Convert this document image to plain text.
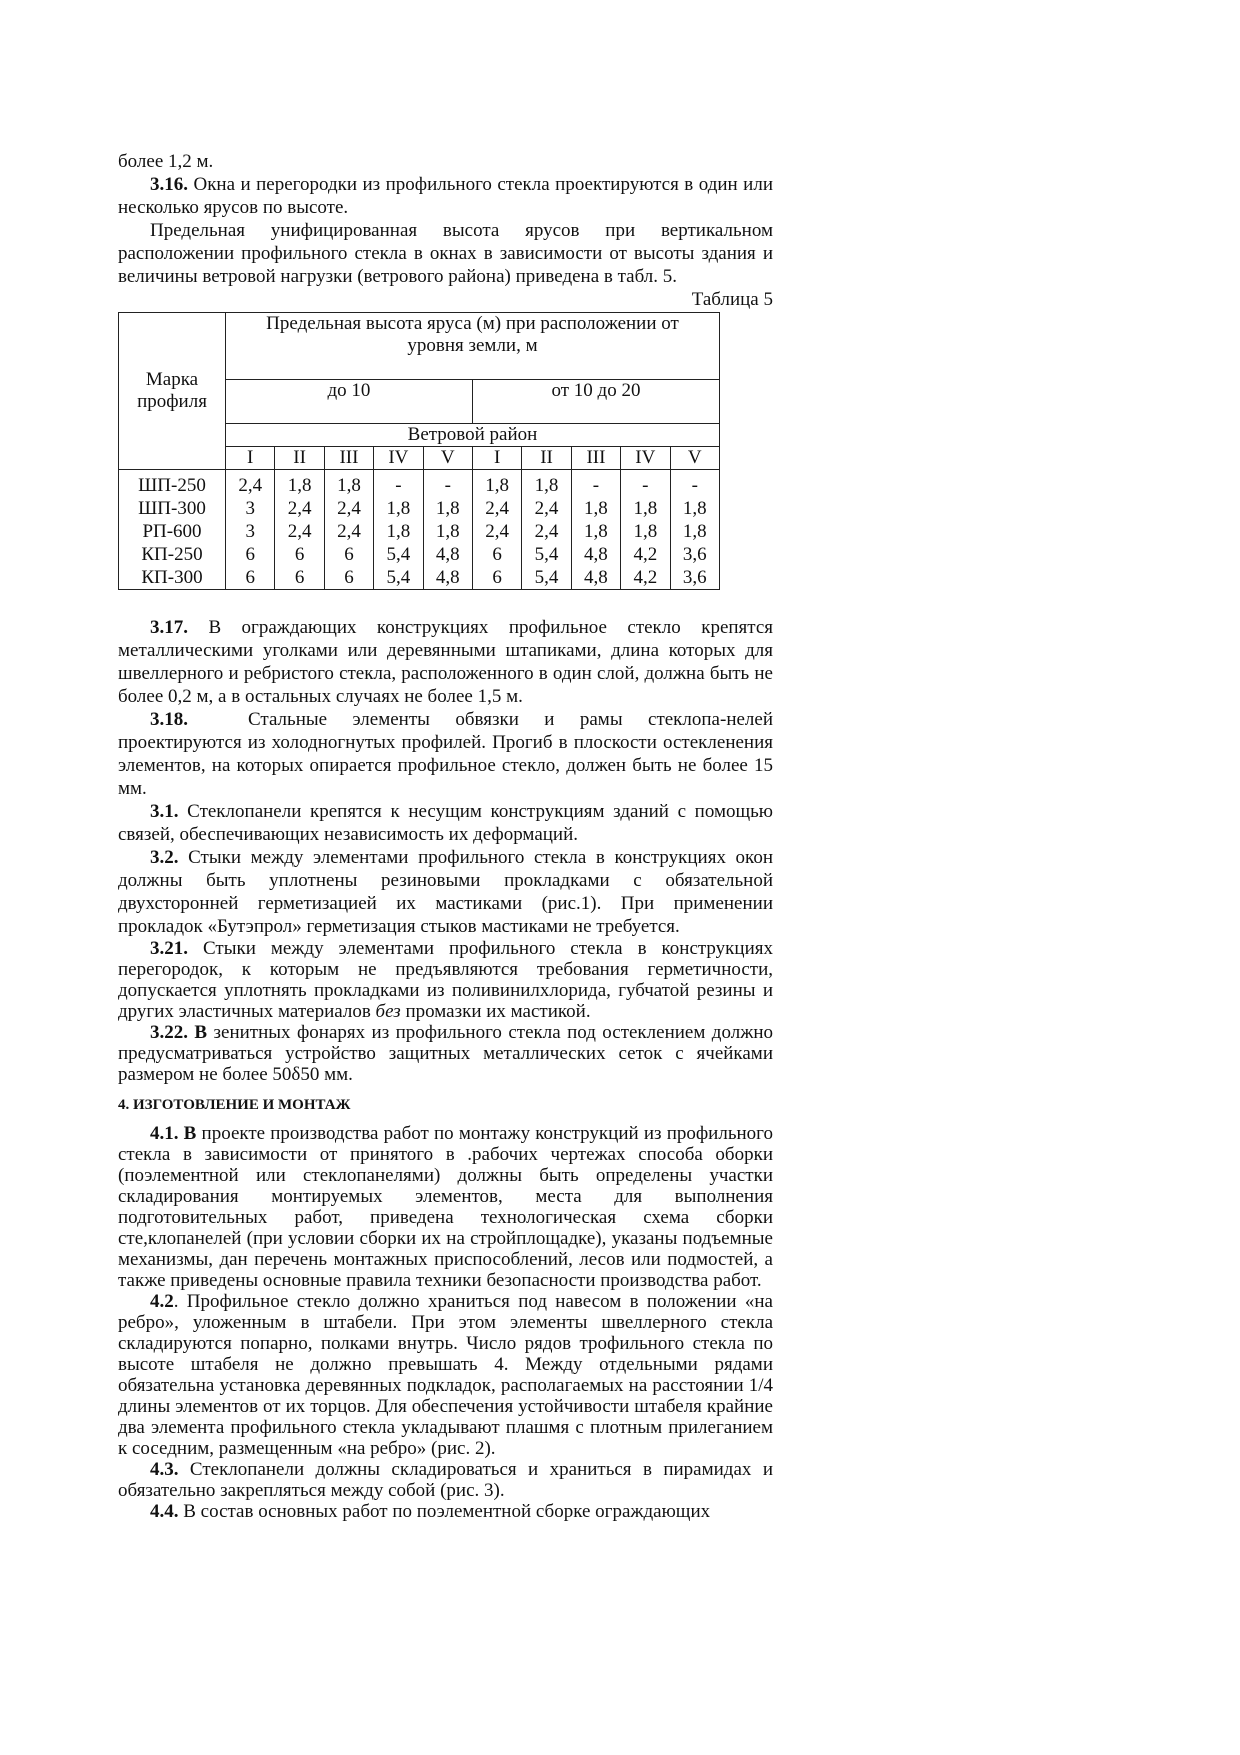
более 1,2 м.

3.16. Окна и перегородки из профильного стекла проектируются в один или несколько ярусов по высоте.

Предельная унифицированная высота ярусов при вертикальном расположении профильного стекла в окнах в зависимости от высоты здания и величины ветровой нагрузки (ветрового района) приведена в табл. 5.

Таблица 5

Марка профиля	Предельная высота яруса (м) при расположении от уровня земли, м									
	до 10					от 10 до 20				
	Ветровой район									
	I	II	III	IV	V	I	II	III	IV	V
ШП-250	2,4	1,8	1,8	-	-	1,8	1,8	-	-	-
ШП-300	3	2,4	2,4	1,8	1,8	2,4	2,4	1,8	1,8	1,8
РП-600	3	2,4	2,4	1,8	1,8	2,4	2,4	1,8	1,8	1,8
КП-250	6	6	6	5,4	4,8	6	5,4	4,8	4,2	3,6
КП-300	6	6	6	5,4	4,8	6	5,4	4,8	4,2	3,6

3.17. В ограждающих конструкциях профильное стекло крепятся металлическими уголками или деревянными штапиками, длина которых для швеллерного и ребристого стекла, расположенного в один слой, должна быть не более 0,2 м, а в остальных случаях не более 1,5 м.

3.18.	Стальные элементы обвязки и рамы стеклопа-нелей проектируются из холодногнутых профилей. Прогиб в плоскости остекленения элементов, на которых опирается профильное стекло, должен быть не более 15 мм.

3.1. Стеклопанели крепятся к несущим конструкциям зданий с помощью связей, обеспечивающих независимость их деформаций.

3.2. Стыки между элементами профильного стекла в конструкциях окон должны быть уплотнены резиновыми прокладками с обязательной двухсторонней герметизацией их мастиками (рис.1). При применении прокладок «Бутэпрол» герметизация стыков мастиками не требуется.

3.21. Стыки между элементами профильного стекла в конструкциях перегородок, к которым не предъявляются требования герметичности, допускается уплотнять прокладками из поливинилхлорида, губчатой резины и других эластичных материалов без промазки их мастикой.

3.22. В зенитных фонарях из профильного стекла под остеклением должно предусматриваться устройство защитных металлических сеток с ячейками размером не более 50δ50 мм.

4. ИЗГОТОВЛЕНИЕ И МОНТАЖ

4.1. В проекте производства работ по монтажу конструкций из профильного стекла в зависимости от принятого в .рабочих чертежах способа оборки (поэлементной или стеклопанелями) должны быть определены участки складирования монтируемых элементов, места для выполнения подготовительных работ, приведена технологическая схема сборки сте,клопанелей (при условии сборки их на стройплощадке), указаны подъемные механизмы, дан перечень монтажных приспособлений, лесов или подмостей, а также приведены основные правила техники безопасности производства работ.

4.2. Профильное стекло должно храниться под навесом в положении «на ребро», уложенным в штабели. При этом элементы швеллерного стекла складируются попарно, полками внутрь. Число рядов трофильного стекла по высоте штабеля не должно превышать 4. Между отдельными рядами обязательна установка деревянных подкладок, располагаемых на расстоянии 1/4 длины элементов от их торцов. Для обеспечения устойчивости штабеля крайние два элемента профильного стекла укладывают плашмя с плотным прилеганием к соседним, размещенным «на ребро» (рис. 2).

4.3. Стеклопанели должны складироваться и храниться в пирамидах и обязательно закрепляться между собой (рис. 3).

4.4. В состав основных работ по поэлементной сборке ограждающих
